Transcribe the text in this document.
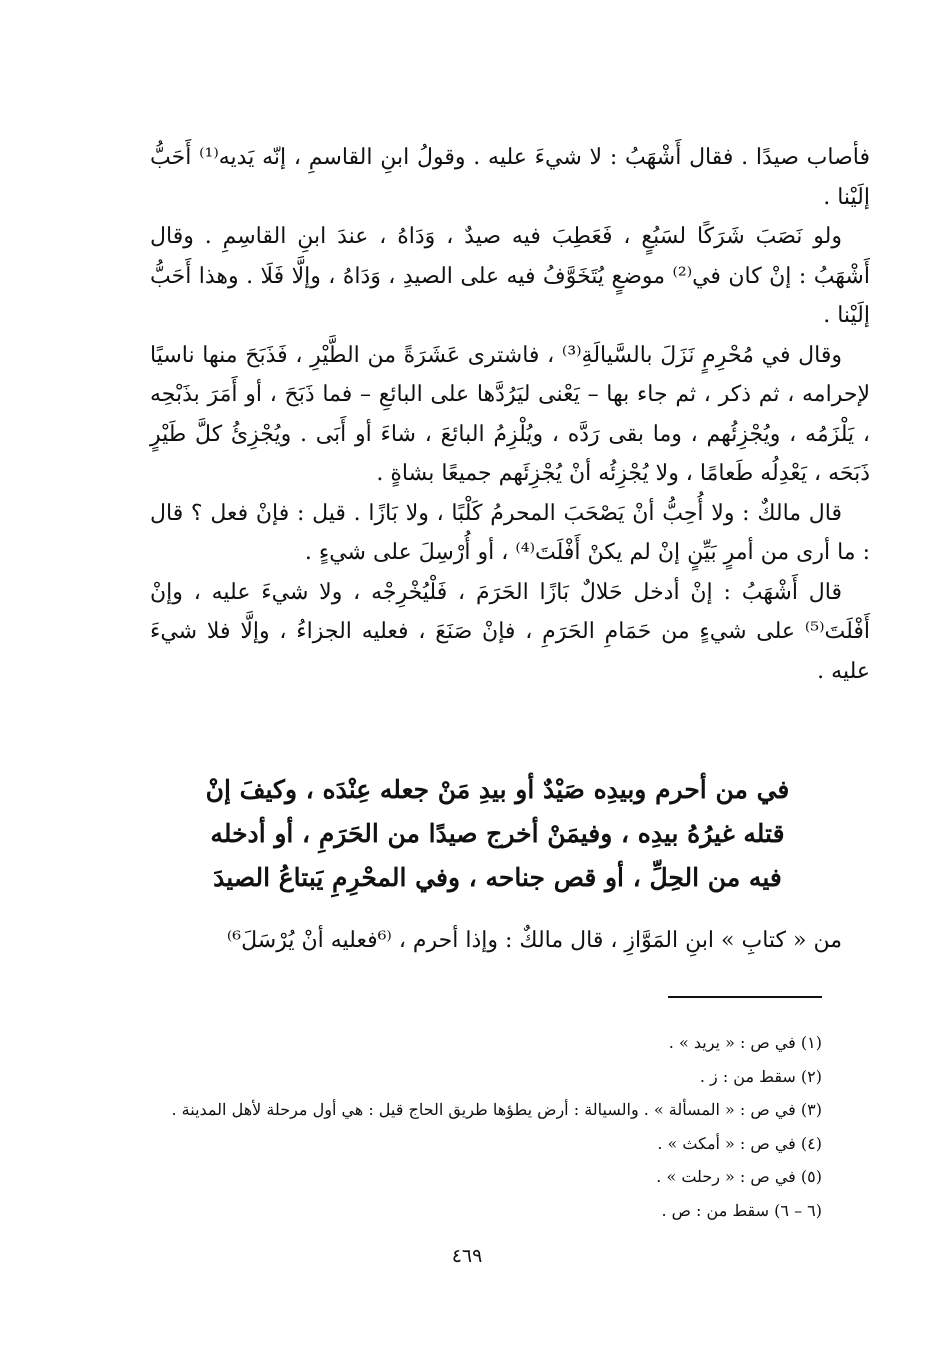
فأصاب صيدًا . فقال أَشْهَبُ : لا شيءَ عليه . وقولُ ابنِ القاسمِ ، إنّه يَديه⁽¹⁾ أَحَبُّ إلَيْنا .

ولو نَصَبَ شَرَكًا لسَبُعٍ ، فَعَطِبَ فيه صيدٌ ، وَدَاهُ ، عندَ ابنِ القاسِمِ . وقال أَشْهَبُ : إنْ كان في⁽²⁾ موضعٍ يُتَخَوَّفُ فيه على الصيدِ ، وَدَاهُ ، وإلَّا فَلَا . وهذا أَحَبُّ إلَيْنا .

وقال في مُحْرِمٍ نَزَلَ بالسَّيالَةِ⁽³⁾ ، فاشترى عَشَرَةً من الطَّيْرِ ، فَذَبَحَ منها ناسيًا لإحرامه ، ثم ذكر ، ثم جاء بها – يَعْنى ليَرُدَّها على البائعِ – فما ذَبَحَ ، أو أَمَرَ بذَبْحِه ، يَلْزَمُه ، ويُجْزِئُهم ، وما بقى رَدَّه ، ويُلْزِمُ البائعَ ، شاءَ أو أَبَى . ويُجْزِئُ كلَّ طَيْرٍ ذَبَحَه ، يَعْدِلُه طَعامًا ، ولا يُجْزِئُه أنْ يُجْزِئَهم جميعًا بشاةٍ .

قال مالكٌ : ولا أُحِبُّ أنْ يَصْحَبَ المحرمُ كَلْبًا ، ولا بَازًا . قيل : فإنْ فعل ؟ قال : ما أرى من أمرٍ بَيِّنٍ إنْ لم يكنْ أَفْلَتَ⁽⁴⁾ ، أو أُرْسِلَ على شيءٍ .

قال أَشْهَبُ : إنْ أدخل حَلالٌ بَازًا الحَرَمَ ، فَلْيُخْرِجْه ، ولا شيءَ عليه ، وإنْ أَفْلَتَ⁽⁵⁾ على شيءٍ من حَمَامِ الحَرَمِ ، فإنْ صَنَعَ ، فعليه الجزاءُ ، وإلَّا فلا شيءَ عليه .

في من أحرم وبيدِه صَيْدٌ أو بيدِ مَنْ جعله عِنْدَه ، وكيفَ إنْ قتله غيرُهُ بيدِه ، وفيمَنْ أخرج صيدًا من الحَرَمِ ، أو أدخله فيه من الحِلِّ ، أو قص جناحه ، وفي المحْرِمِ يَبتاعُ الصيدَ
من « كتابِ » ابنِ المَوَّازِ ، قال مالكٌ : وإذا أحرم ، ⁽⁶فعليه أنْ يُرْسَلَ⁶⁾
(١) في ص : « يريد » .
(٢) سقط من : ز .
(٣) في ص : « المسألة » . والسيالة : أرض يطؤها طريق الحاج قيل : هي أول مرحلة لأهل المدينة .
(٤) في ص : « أمكث » .
(٥) في ص : « رحلت » .
(٦ – ٦) سقط من : ص .
٤٦٩
